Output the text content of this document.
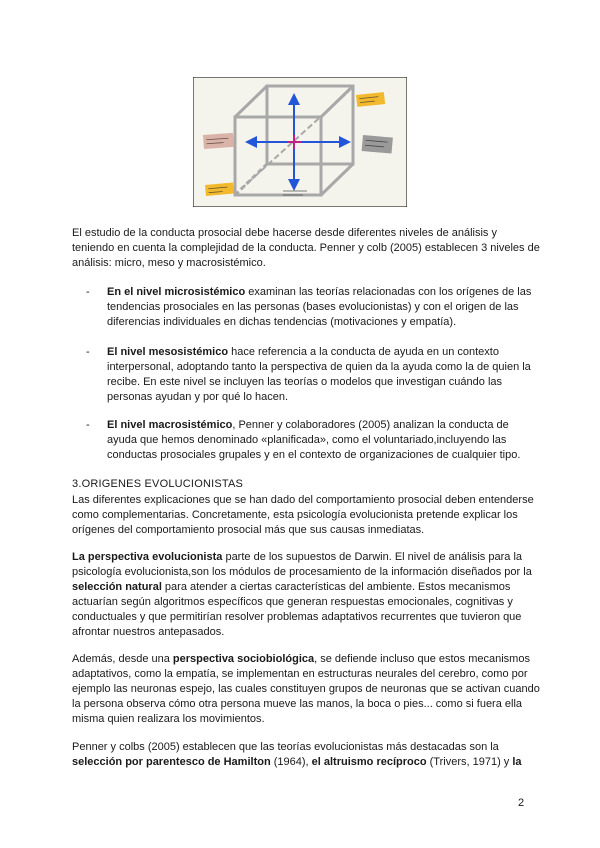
El estudio de la conducta prosocial debe hacerse desde diferentes niveles de análisis y teniendo en cuenta la complejidad de la conducta. Penner y colb (2005) establecen 3 niveles de análisis: micro, meso y macrosistémico.

-	En el nivel microsistémico examinan las teorías relacionadas con los orígenes de las tendencias prosociales en las personas (bases evolucionistas) y con el origen de las diferencias individuales en dichas tendencias (motivaciones y empatía).

-	El nivel mesosistémico hace referencia a la conducta de ayuda en un contexto interpersonal, adoptando tanto la perspectiva de quien da la ayuda como la de quien la recibe. En este nivel se incluyen las teorías o modelos que investigan cuándo las personas ayudan y por qué lo hacen.

-	El nivel macrosistémico, Penner y colaboradores (2005) analizan la conducta de ayuda que hemos denominado «planificada», como el voluntariado,incluyendo las conductas prosociales grupales y en el contexto de organizaciones de cualquier tipo.

3.ORIGENES EVOLUCIONISTAS

Las diferentes explicaciones que se han dado del comportamiento prosocial deben entenderse como complementarias. Concretamente, esta psicología evolucionista pretende explicar los orígenes del comportamiento prosocial más que sus causas inmediatas.

La perspectiva evolucionista parte de los supuestos de Darwin. El nivel de análisis para la psicología evolucionista,son los módulos de procesamiento de la información diseñados por la selección natural para atender a ciertas características del ambiente. Estos mecanismos actuarían según algoritmos específicos que generan respuestas emocionales, cognitivas y conductuales y que permitirían resolver problemas adaptativos recurrentes que tuvieron que afrontar nuestros antepasados.

Además, desde una perspectiva sociobiológica, se defiende incluso que estos mecanismos adaptativos, como la empatía, se implementan en estructuras neurales del cerebro, como por ejemplo las neuronas espejo, las cuales constituyen grupos de neuronas que se activan cuando la persona observa cómo otra persona mueve las manos, la boca o pies... como si fuera ella misma quien realizara los movimientos.

Penner y colbs (2005) establecen que las teorías evolucionistas más destacadas son la selección por parentesco de Hamilton (1964), el altruismo recíproco (Trivers, 1971) y la

2
